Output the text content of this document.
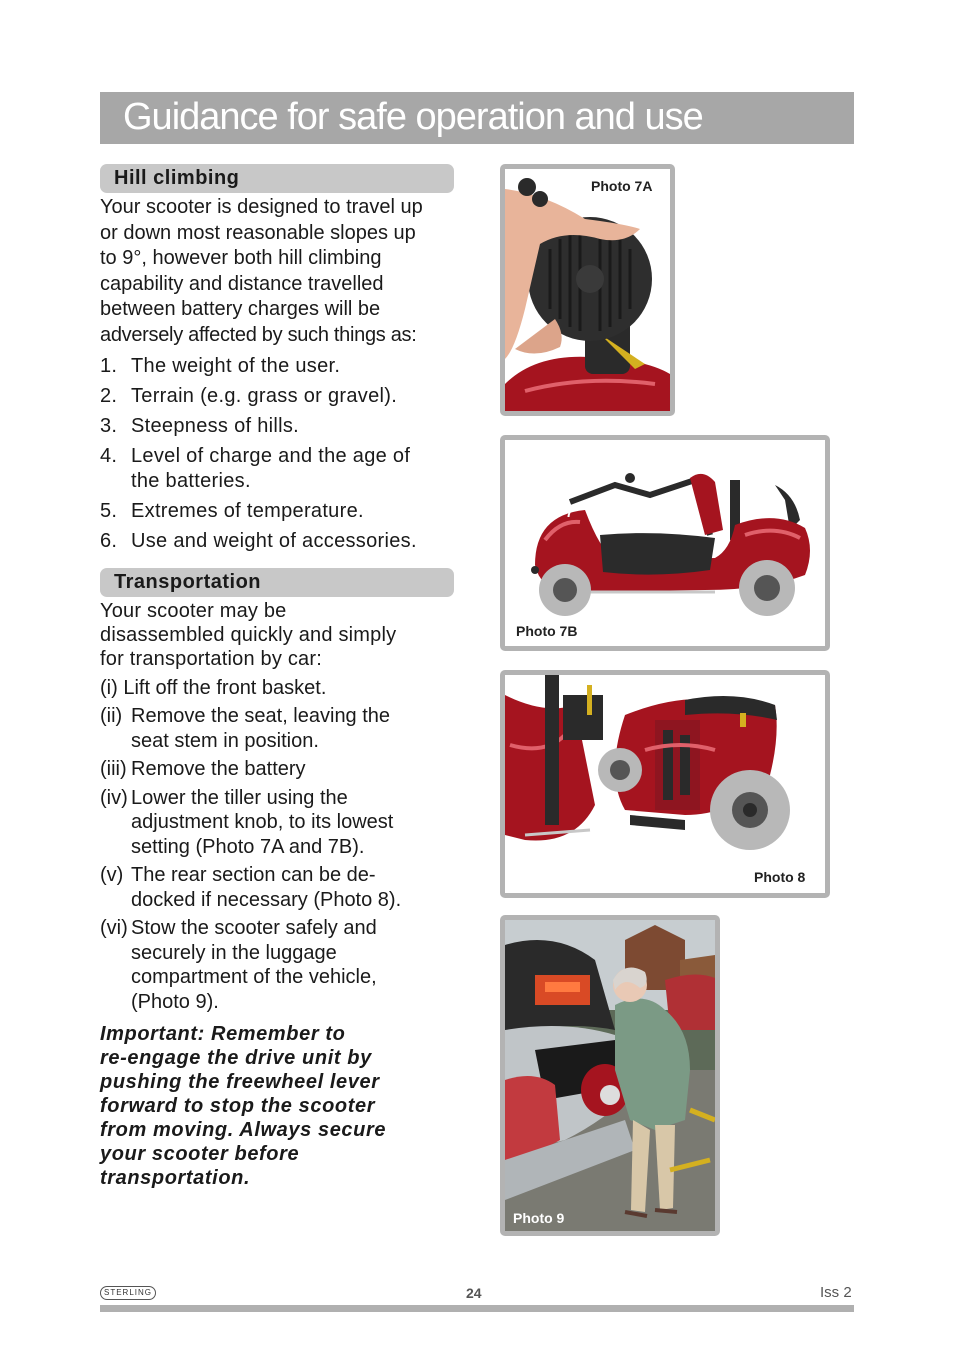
Guidance for safe operation and use
Hill climbing

Your scooter is designed to travel up
or down most reasonable slopes up
to 9°, however both hill climbing
capability and distance travelled
between battery charges will be
adversely affected by such things as:

1. The weight of the user.
2. Terrain (e.g. grass or gravel).
3. Steepness of hills.
4. Level of charge and the age of
the batteries.
5. Extremes of temperature.
6. Use and weight of accessories.
Transportation

Your scooter may be
disassembled quickly and simply
for transportation by car:

(i) Lift off the front basket.

(ii) Remove the seat, leaving the
seat stem in position.
(iii) Remove the battery
(iv) Lower the tiller using the
adjustment knob, to its lowest
setting (Photo 7A and 7B).
(v) The rear section can be de-
docked if necessary (Photo 8).
(vi) Stow the scooter safely and
securely in the luggage
compartment of the vehicle,
(Photo 9).

Important: Remember to
re-engage the drive unit by
pushing the freewheel lever
forward to stop the scooter
from moving. Always secure
your scooter before
transportation.

Photo 7A
o 7
Photo 7B
Photo 8
Photo 9
STERLING	24	Iss 2
